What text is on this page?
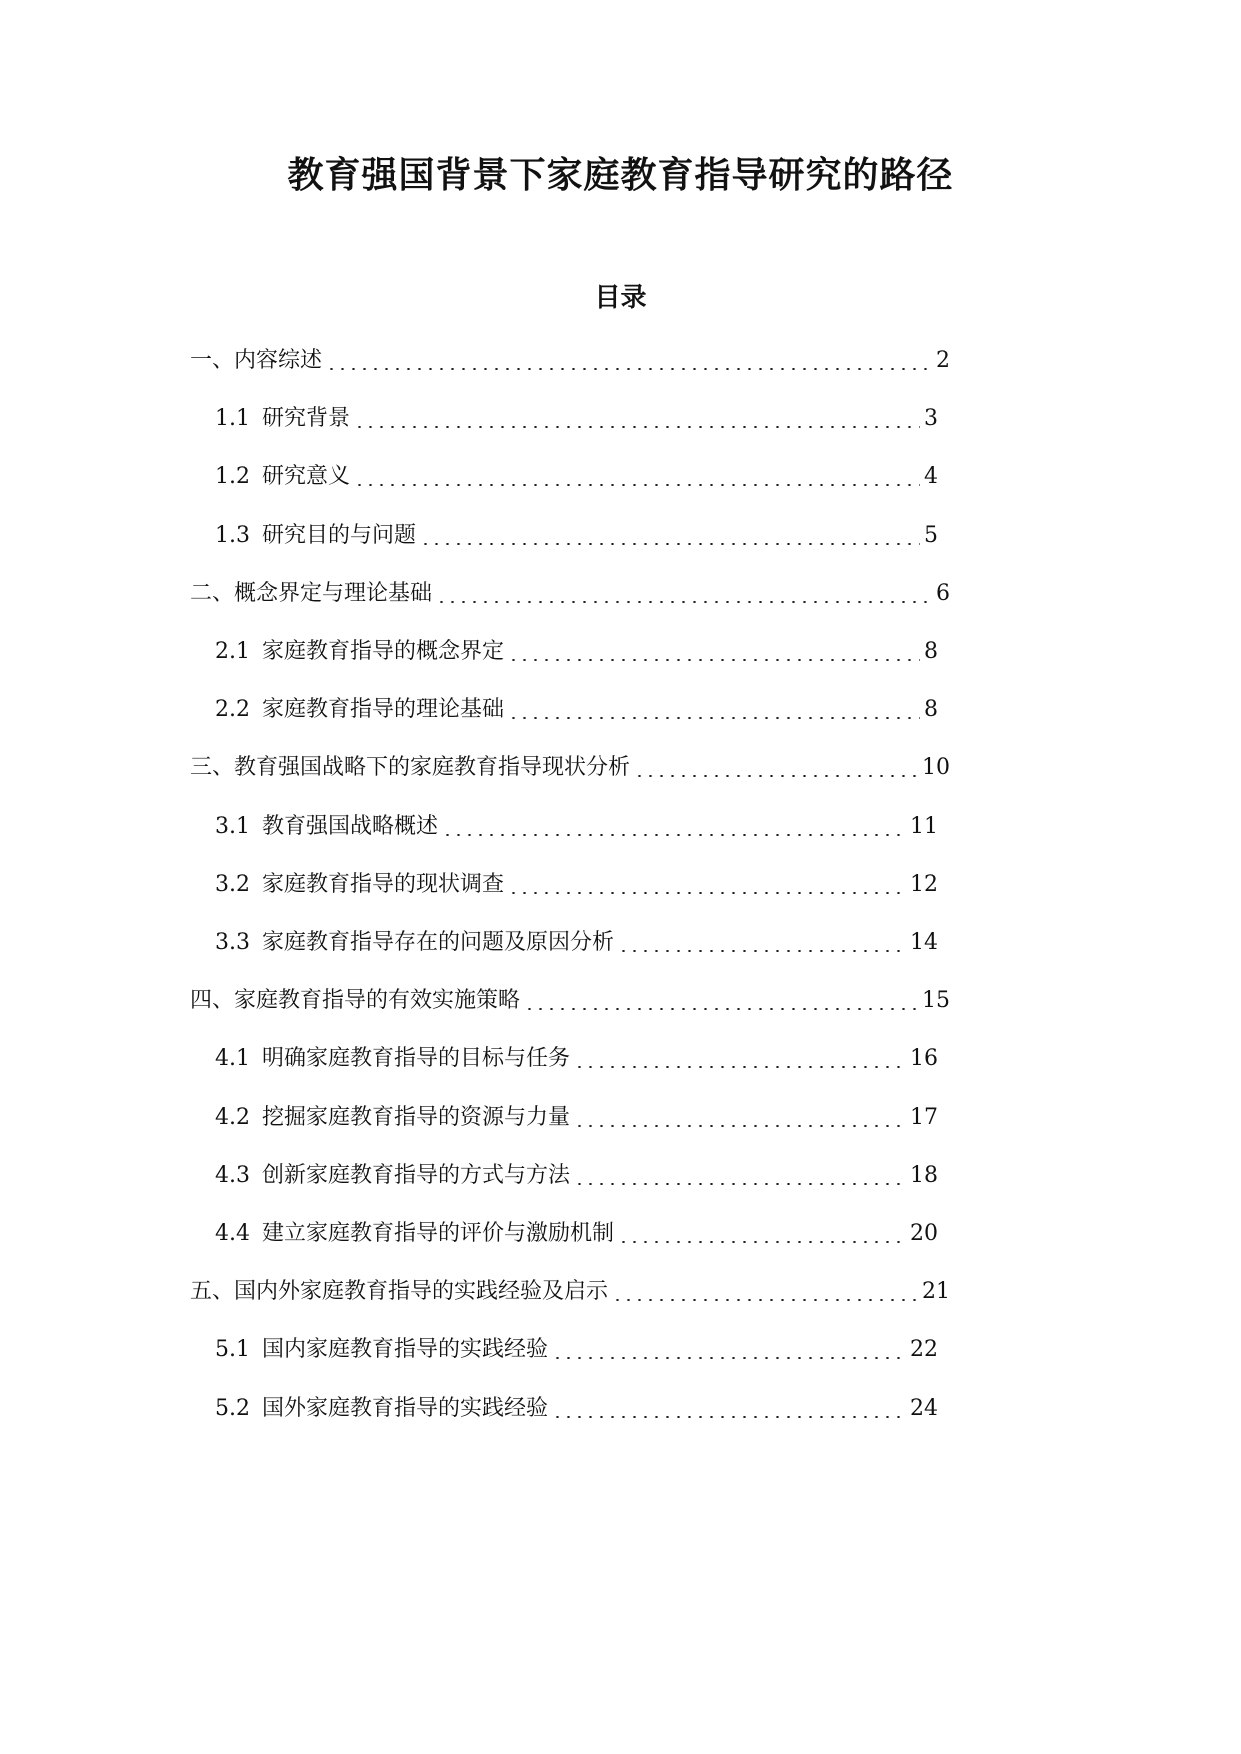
教育强国背景下家庭教育指导研究的路径
目录
一、内容综述	2
1.1 研究背景	3
1.2 研究意义	4
1.3 研究目的与问题	5
二、概念界定与理论基础	6
2.1 家庭教育指导的概念界定	8
2.2 家庭教育指导的理论基础	8
三、教育强国战略下的家庭教育指导现状分析	10
3.1 教育强国战略概述	11
3.2 家庭教育指导的现状调查	12
3.3 家庭教育指导存在的问题及原因分析	14
四、家庭教育指导的有效实施策略	15
4.1 明确家庭教育指导的目标与任务	16
4.2 挖掘家庭教育指导的资源与力量	17
4.3 创新家庭教育指导的方式与方法	18
4.4 建立家庭教育指导的评价与激励机制	20
五、国内外家庭教育指导的实践经验及启示	21
5.1 国内家庭教育指导的实践经验	22
5.2 国外家庭教育指导的实践经验	24
